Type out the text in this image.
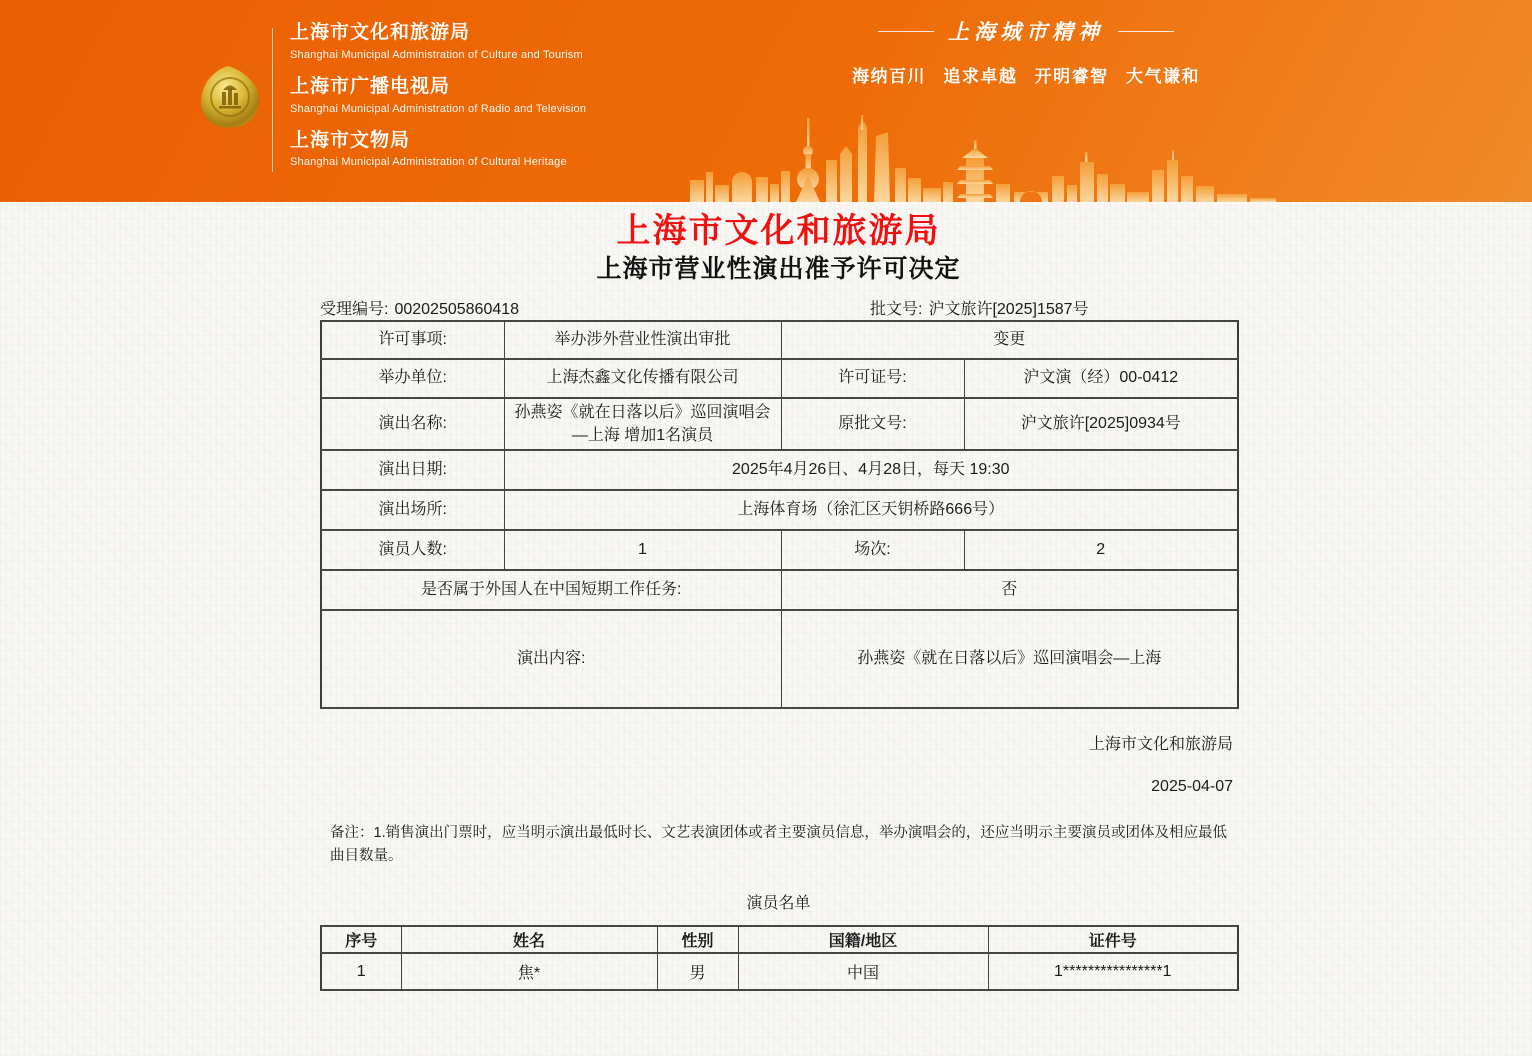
上海市文化和旅游局
Shanghai Municipal Administration of Culture and Tourism
上海市广播电视局
Shanghai Municipal Administration of Radio and Television
上海市文物局
Shanghai Municipal Administration of Cultural Heritage
上海城市精神
海纳百川 追求卓越 开明睿智 大气谦和
上海市文化和旅游局
上海市营业性演出准予许可决定
受理编号: 00202505860418	批文号: 沪文旅许[2025]1587号
许可事项:	举办涉外营业性演出审批	变更	
举办单位:	上海杰鑫文化传播有限公司	许可证号:	沪文演（经）00-0412
演出名称:	孙燕姿《就在日落以后》巡回演唱会—上海 增加1名演员	原批文号:	沪文旅许[2025]0934号
演出日期:	2025年4月26日、4月28日，每天 19:30		
演出场所:	上海体育场（徐汇区天钥桥路666号）		
演员人数:	1	场次:	2
是否属于外国人在中国短期工作任务:		否	
演出内容:		孙燕姿《就在日落以后》巡回演唱会—上海	
上海市文化和旅游局
2025-04-07
备注：1.销售演出门票时，应当明示演出最低时长、文艺表演团体或者主要演员信息，举办演唱会的，还应当明示主要演员或团体及相应最低曲目数量。
演员名单
序号	姓名	性别	国籍/地区	证件号
1	焦*	男	中国	1****************1
